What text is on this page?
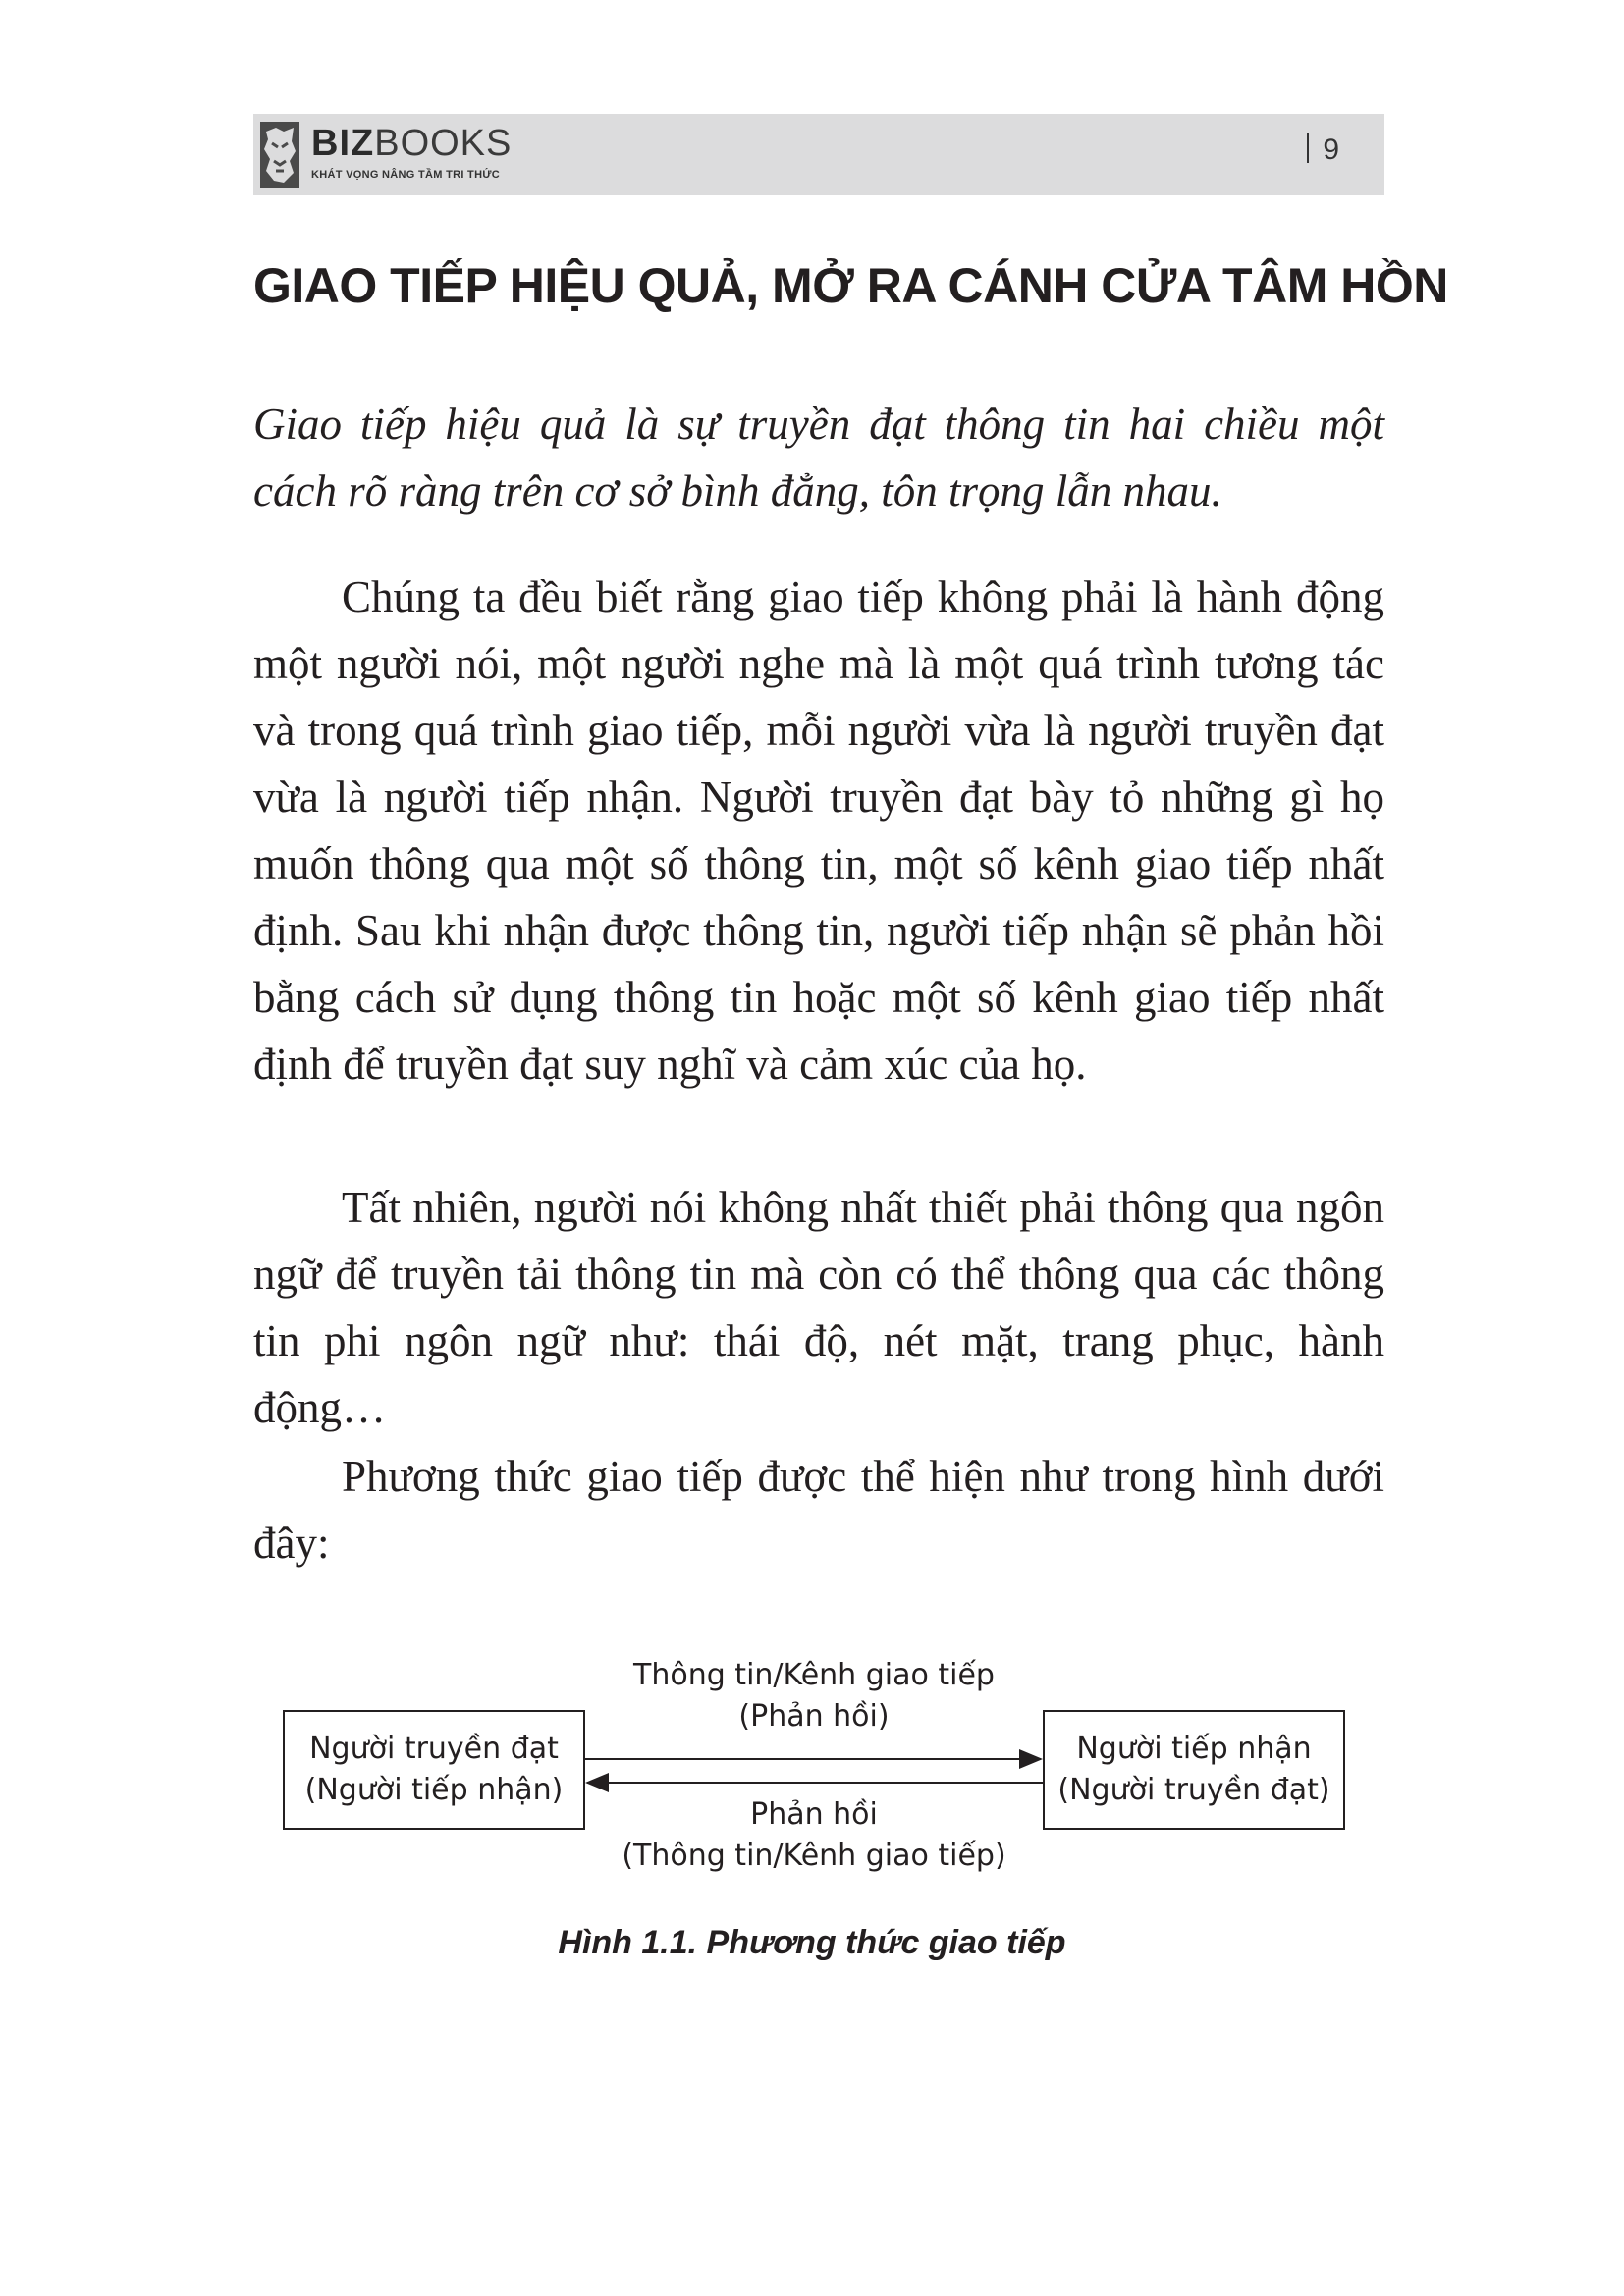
BIZBOOKS
KHÁT VỌNG NÂNG TẦM TRI THỨC
9
GIAO TIẾP HIỆU QUẢ, MỞ RA CÁNH CỬA TÂM HỒN
Giao tiếp hiệu quả là sự truyền đạt thông tin hai chiều một cách rõ ràng trên cơ sở bình đẳng, tôn trọng lẫn nhau.

Chúng ta đều biết rằng giao tiếp không phải là hành động một người nói, một người nghe mà là một quá trình tương tác và trong quá trình giao tiếp, mỗi người vừa là người truyền đạt vừa là người tiếp nhận. Người truyền đạt bày tỏ những gì họ muốn thông qua một số thông tin, một số kênh giao tiếp nhất định. Sau khi nhận được thông tin, người tiếp nhận sẽ phản hồi bằng cách sử dụng thông tin hoặc một số kênh giao tiếp nhất định để truyền đạt suy nghĩ và cảm xúc của họ.

Tất nhiên, người nói không nhất thiết phải thông qua ngôn ngữ để truyền tải thông tin mà còn có thể thông qua các thông tin phi ngôn ngữ như: thái độ, nét mặt, trang phục, hành động…

Phương thức giao tiếp được thể hiện như trong hình dưới đây:

Người truyền đạt
(Người tiếp nhận)
Người tiếp nhận
(Người truyền đạt)
Thông tin/Kênh giao tiếp
(Phản hồi)
Phản hồi
(Thông tin/Kênh giao tiếp)
Hình 1.1. Phương thức giao tiếp
